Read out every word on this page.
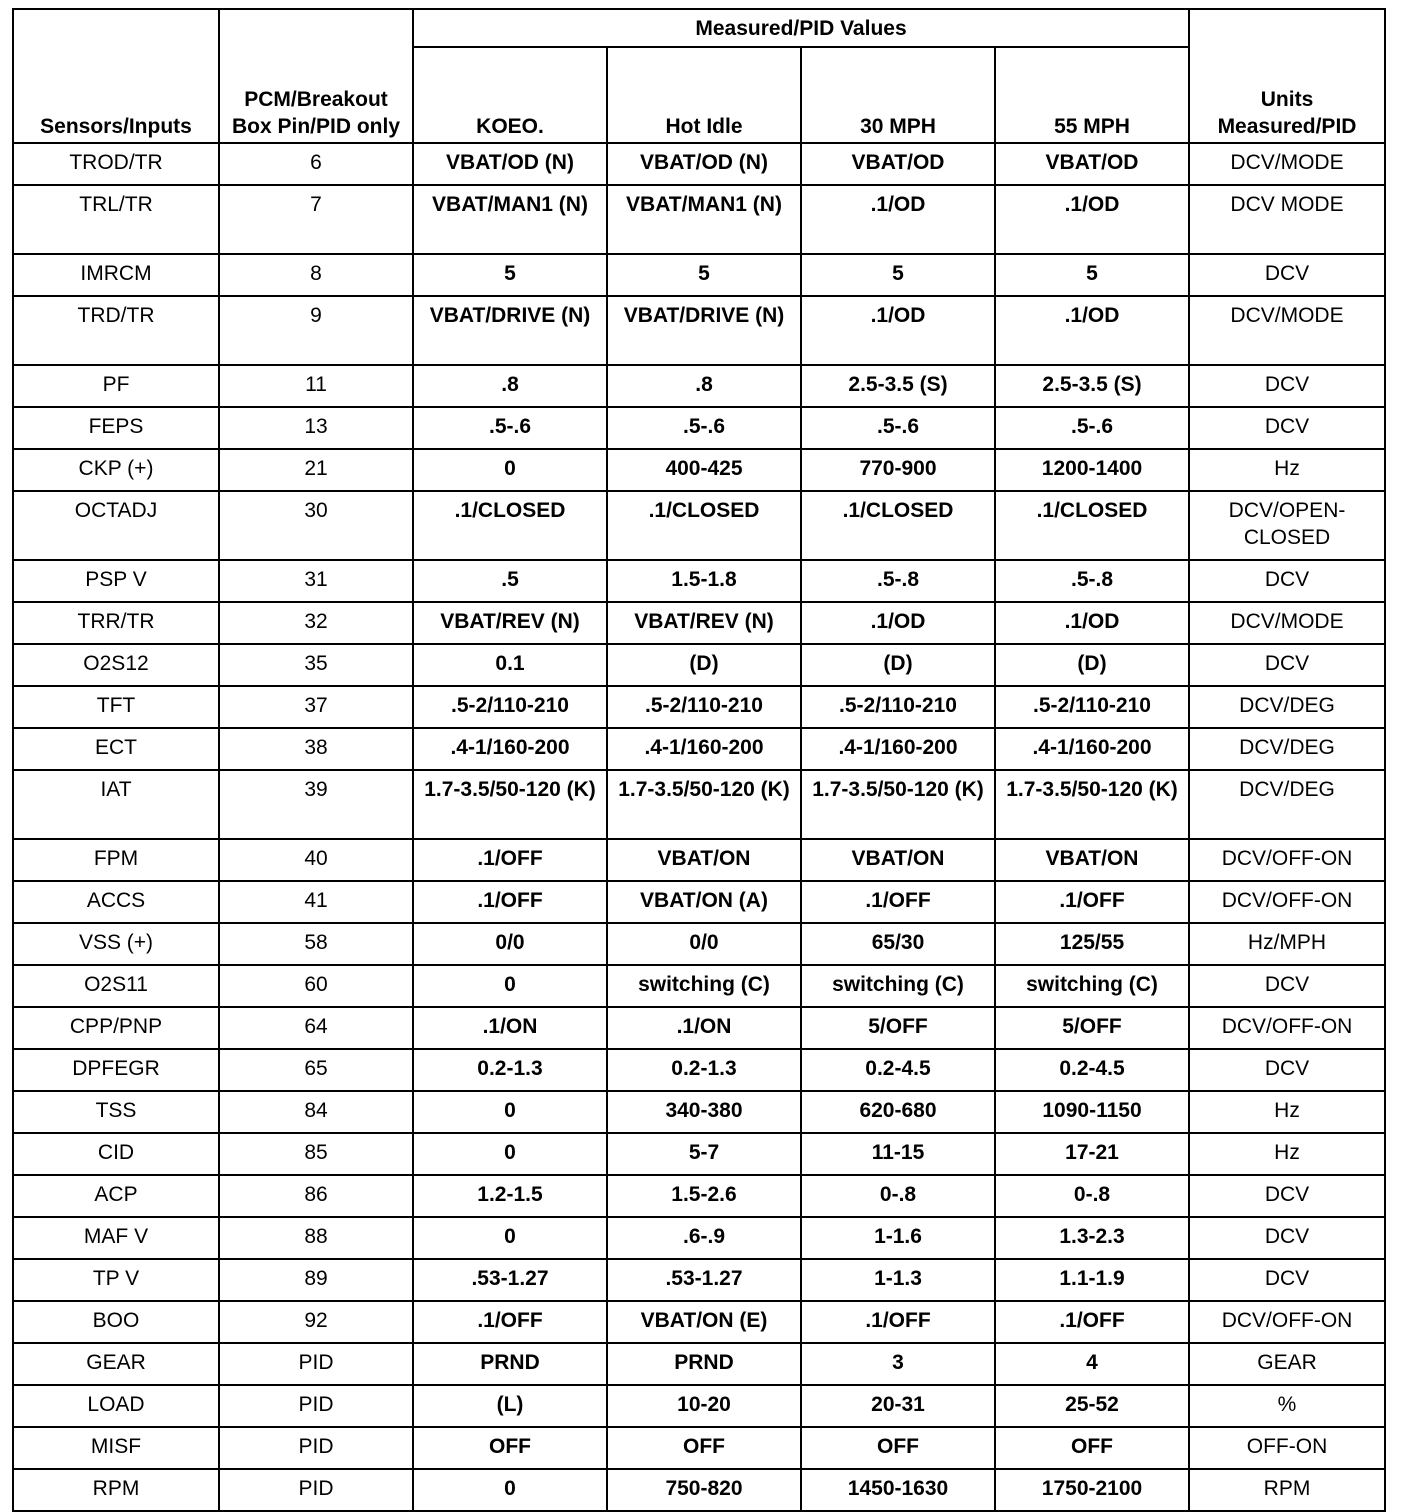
Sensors/Inputs	PCM/Breakout Box Pin/PID only	Measured/PID Values				Units Measured/PID
		KOEO.	Hot Idle	30 MPH	55 MPH	
TROD/TR	6	VBAT/OD (N)	VBAT/OD (N)	VBAT/OD	VBAT/OD	DCV/MODE
TRL/TR	7	VBAT/MAN1 (N)	VBAT/MAN1 (N)	.1/OD	.1/OD	DCV MODE
IMRCM	8	5	5	5	5	DCV
TRD/TR	9	VBAT/DRIVE (N)	VBAT/DRIVE (N)	.1/OD	.1/OD	DCV/MODE
PF	11	.8	.8	2.5-3.5 (S)	2.5-3.5 (S)	DCV
FEPS	13	.5-.6	.5-.6	.5-.6	.5-.6	DCV
CKP (+)	21	0	400-425	770-900	1200-1400	Hz
OCTADJ	30	.1/CLOSED	.1/CLOSED	.1/CLOSED	.1/CLOSED	DCV/OPEN-CLOSED
PSP V	31	.5	1.5-1.8	.5-.8	.5-.8	DCV
TRR/TR	32	VBAT/REV (N)	VBAT/REV (N)	.1/OD	.1/OD	DCV/MODE
O2S12	35	0.1	(D)	(D)	(D)	DCV
TFT	37	.5-2/110-210	.5-2/110-210	.5-2/110-210	.5-2/110-210	DCV/DEG
ECT	38	.4-1/160-200	.4-1/160-200	.4-1/160-200	.4-1/160-200	DCV/DEG
IAT	39	1.7-3.5/50-120 (K)	1.7-3.5/50-120 (K)	1.7-3.5/50-120 (K)	1.7-3.5/50-120 (K)	DCV/DEG
FPM	40	.1/OFF	VBAT/ON	VBAT/ON	VBAT/ON	DCV/OFF-ON
ACCS	41	.1/OFF	VBAT/ON (A)	.1/OFF	.1/OFF	DCV/OFF-ON
VSS (+)	58	0/0	0/0	65/30	125/55	Hz/MPH
O2S11	60	0	switching (C)	switching (C)	switching (C)	DCV
CPP/PNP	64	.1/ON	.1/ON	5/OFF	5/OFF	DCV/OFF-ON
DPFEGR	65	0.2-1.3	0.2-1.3	0.2-4.5	0.2-4.5	DCV
TSS	84	0	340-380	620-680	1090-1150	Hz
CID	85	0	5-7	11-15	17-21	Hz
ACP	86	1.2-1.5	1.5-2.6	0-.8	0-.8	DCV
MAF V	88	0	.6-.9	1-1.6	1.3-2.3	DCV
TP V	89	.53-1.27	.53-1.27	1-1.3	1.1-1.9	DCV
BOO	92	.1/OFF	VBAT/ON (E)	.1/OFF	.1/OFF	DCV/OFF-ON
GEAR	PID	PRND	PRND	3	4	GEAR
LOAD	PID	(L)	10-20	20-31	25-52	%
MISF	PID	OFF	OFF	OFF	OFF	OFF-ON
RPM	PID	0	750-820	1450-1630	1750-2100	RPM
